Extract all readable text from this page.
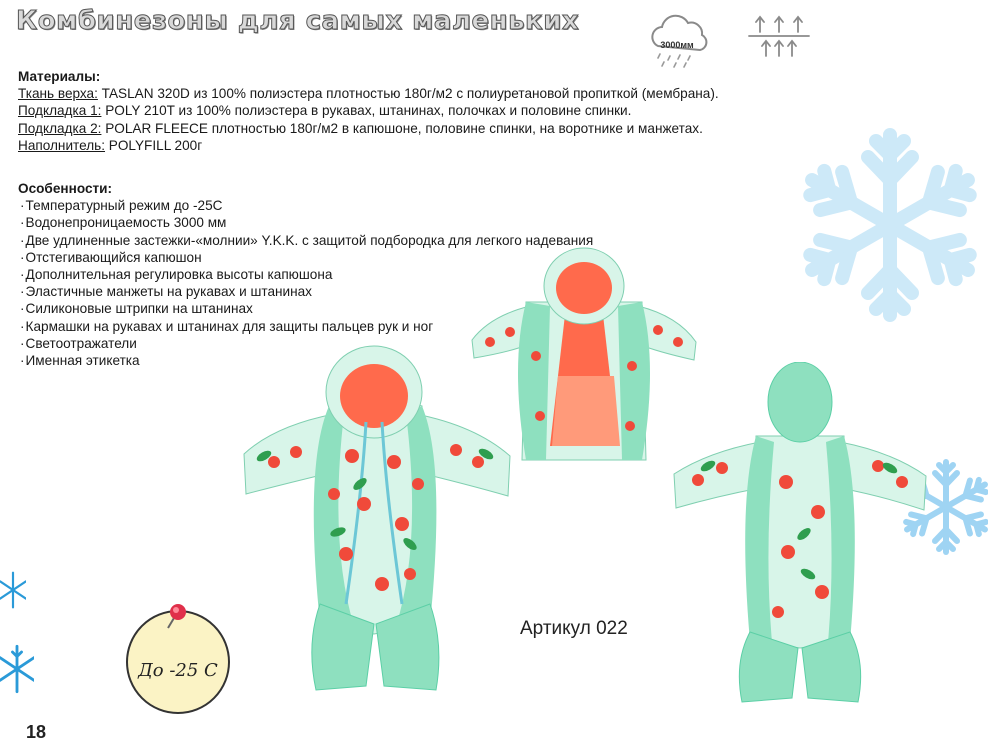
Комбинезоны для самых маленьких
3000мм
Материалы:
Ткань верха: TASLAN 320D из 100% полиэстера плотностью 180г/м2 с полиуретановой пропиткой (мембрана).
Подкладка 1: POLY 210T из 100% полиэстера в рукавах, штанинах, полочках и половине спинки.
Подкладка 2: POLAR FLEECE плотностью 180г/м2 в капюшоне, половине спинки, на воротнике и манжетах.
Наполнитель: POLYFILL 200г
Особенности:
· Температурный режим до -25С
· Водонепроницаемость 3000 мм
· Две удлиненные застежки-«молнии» Y.K.K. с защитой подбородка для легкого надевания
· Отстегивающийся капюшон
· Дополнительная регулировка высоты капюшона
· Эластичные манжеты на рукавах и штанинах
· Силиконовые штрипки на штанинах
· Кармашки на рукавах и штанинах для защиты пальцев рук и ног
· Светоотражатели
· Именная этикетка
Артикул 022
До -25 С
18
